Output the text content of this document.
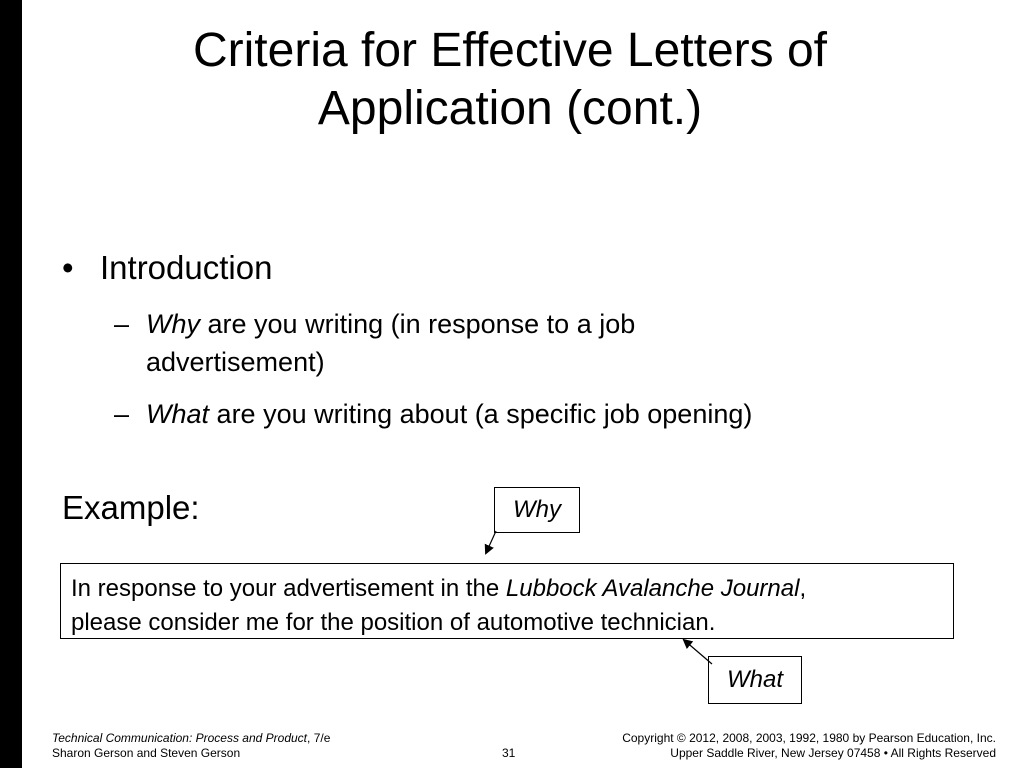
Criteria for Effective Letters of
Application (cont.)
• Introduction
– Why are you writing (in response to a job advertisement)
– What are you writing about (a specific job opening)
Example:	Why
In response to your advertisement in the Lubbock Avalanche Journal,
please consider me for the position of automotive technician.
What
Technical Communication: Process and Product, 7/e
Sharon Gerson and Steven Gerson	31
Copyright © 2012, 2008, 2003, 1992, 1980 by Pearson Education, Inc.
Upper Saddle River, New Jersey 07458 • All Rights Reserved
